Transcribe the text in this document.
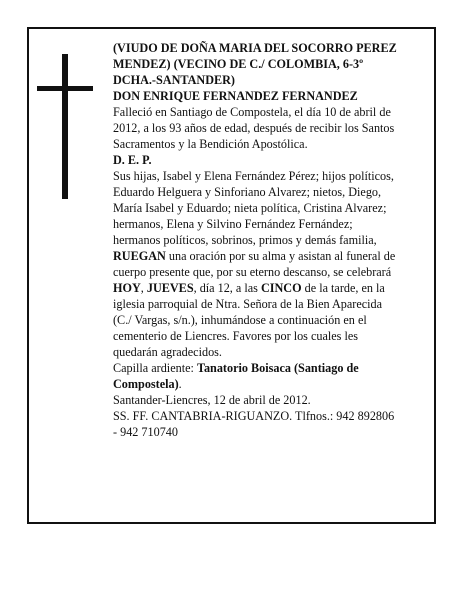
(VIUDO DE DOÑA MARIA DEL SOCORRO PEREZ MENDEZ) (VECINO DE C./ COLOMBIA, 6-3º DCHA.-SANTANDER)

DON ENRIQUE FERNANDEZ FERNANDEZ

Falleció en Santiago de Compostela, el día 10 de abril de 2012, a los 93 años de edad, después de recibir los Santos Sacramentos y la Bendición Apostólica.

D. E. P.

Sus hijas, Isabel y Elena Fernández Pérez; hijos políticos, Eduardo Helguera y Sinforiano Alvarez; nietos, Diego, María Isabel y Eduardo; nieta política, Cristina Alvarez; hermanos, Elena y Silvino Fernández Fernández; hermanos políticos, sobrinos, primos y demás familia,

RUEGAN una oración por su alma y asistan al funeral de cuerpo presente que, por su eterno descanso, se celebrará HOY, JUEVES, día 12, a las CINCO de la tarde, en la iglesia parroquial de Ntra. Señora de la Bien Aparecida (C./ Vargas, s/n.), inhumándose a continuación en el cementerio de Liencres. Favores por los cuales les quedarán agradecidos.

Capilla ardiente: Tanatorio Boisaca (Santiago de Compostela).

Santander-Liencres, 12 de abril de 2012.

SS. FF. CANTABRIA-RIGUANZO. Tlfnos.: 942 892806 - 942 710740
